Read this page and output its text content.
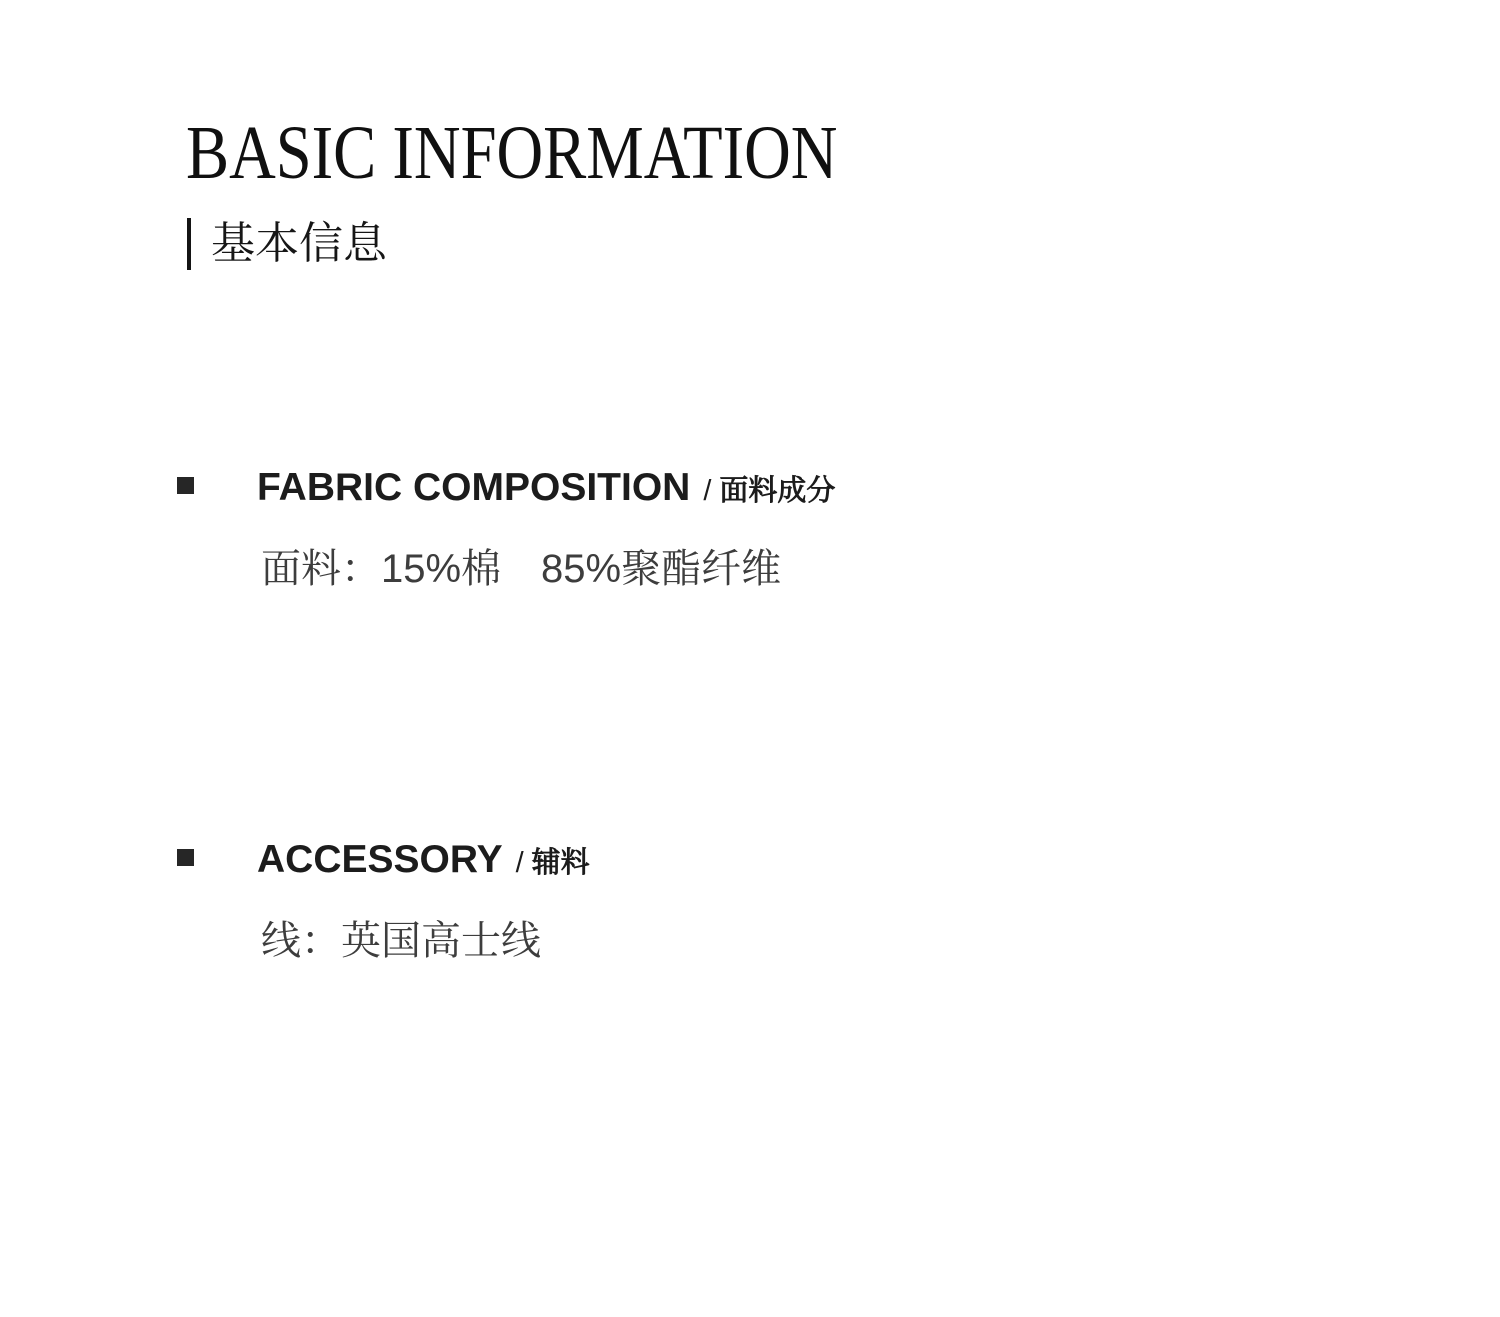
BASIC INFORMATION
基本信息
FABRIC COMPOSITION / 面料成分

面料：15%棉　85%聚酯纤维

ACCESSORY / 辅料

线：英国高士线
